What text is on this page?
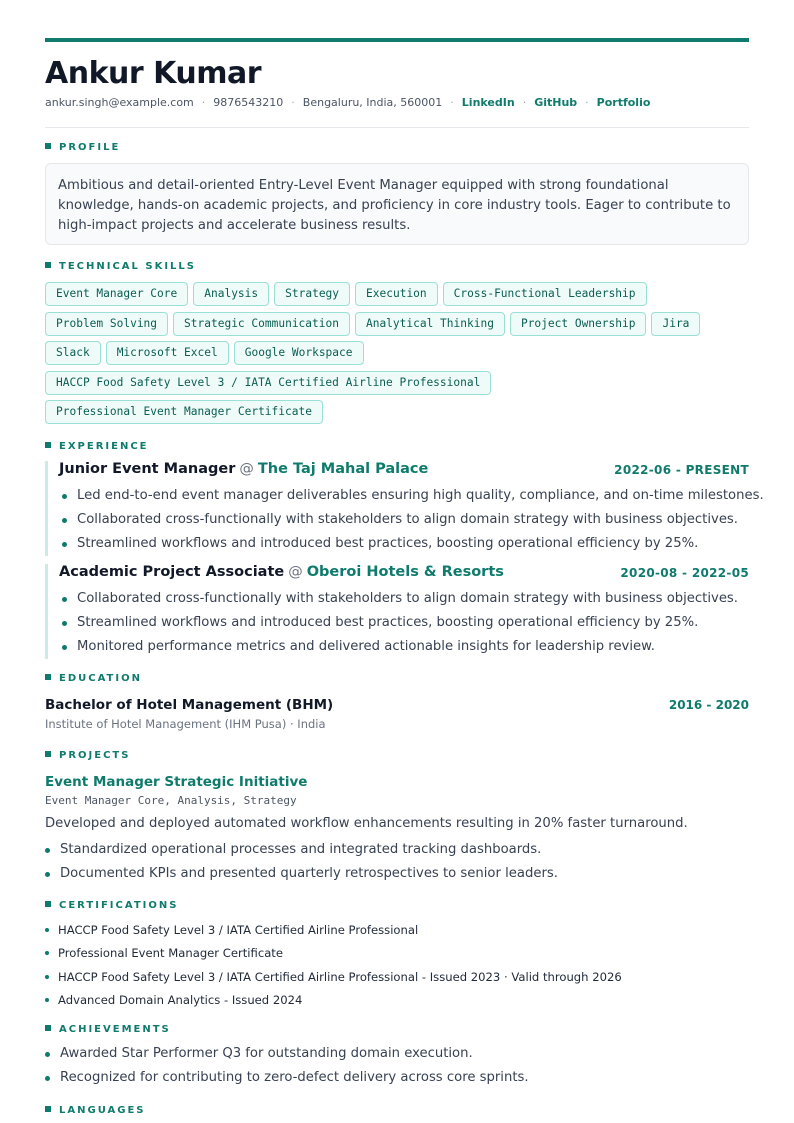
Ankur Kumar
ankur.singh@example.com · 9876543210 · Bengaluru, India, 560001 · LinkedIn · GitHub · Portfolio
PROFILE
Ambitious and detail-oriented Entry-Level Event Manager equipped with strong foundational knowledge, hands-on academic projects, and proficiency in core industry tools. Eager to contribute to high-impact projects and accelerate business results.
TECHNICAL SKILLS
Event Manager Core Analysis Strategy Execution Cross-Functional Leadership
Problem Solving Strategic Communication Analytical Thinking Project Ownership Jira
Slack Microsoft Excel Google Workspace
HACCP Food Safety Level 3 / IATA Certified Airline Professional
Professional Event Manager Certificate
EXPERIENCE
Junior Event Manager @ The Taj Mahal Palace	2022-06 - PRESENT
Led end-to-end event manager deliverables ensuring high quality, compliance, and on-time milestones.
Collaborated cross-functionally with stakeholders to align domain strategy with business objectives.
Streamlined workflows and introduced best practices, boosting operational efficiency by 25%.
Academic Project Associate @ Oberoi Hotels & Resorts	2020-08 - 2022-05
Collaborated cross-functionally with stakeholders to align domain strategy with business objectives.
Streamlined workflows and introduced best practices, boosting operational efficiency by 25%.
Monitored performance metrics and delivered actionable insights for leadership review.
EDUCATION
Bachelor of Hotel Management (BHM)	2016 - 2020
Institute of Hotel Management (IHM Pusa) · India
PROJECTS
Event Manager Strategic Initiative
Event Manager Core, Analysis, Strategy
Developed and deployed automated workflow enhancements resulting in 20% faster turnaround.
Standardized operational processes and integrated tracking dashboards.
Documented KPIs and presented quarterly retrospectives to senior leaders.
CERTIFICATIONS
HACCP Food Safety Level 3 / IATA Certified Airline Professional
Professional Event Manager Certificate
HACCP Food Safety Level 3 / IATA Certified Airline Professional - Issued 2023 · Valid through 2026
Advanced Domain Analytics - Issued 2024
ACHIEVEMENTS
Awarded Star Performer Q3 for outstanding domain execution.
Recognized for contributing to zero-defect delivery across core sprints.
LANGUAGES
